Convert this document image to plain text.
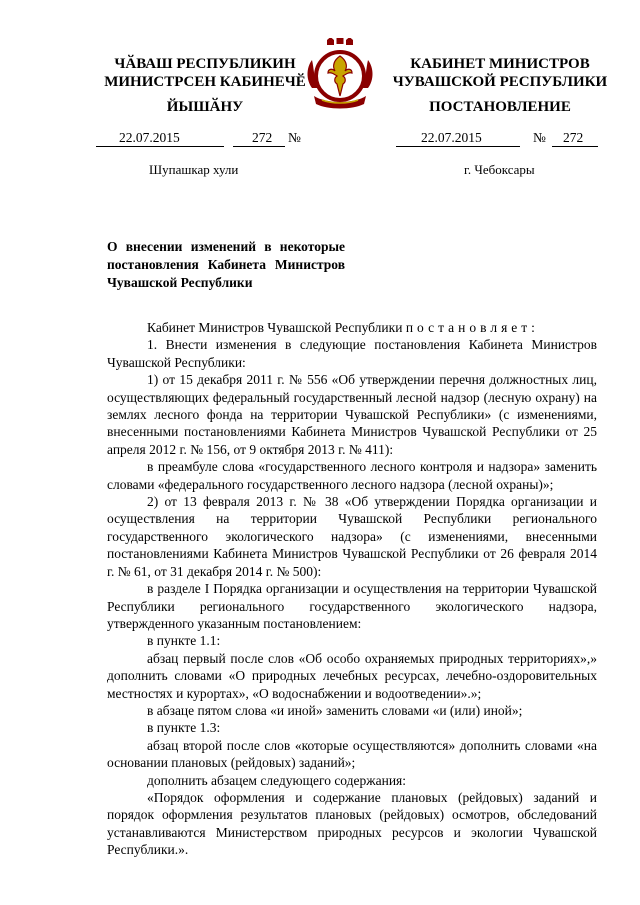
ЧӐВАШ РЕСПУБЛИКИН
МИНИСТРСЕН КАБИНЕЧӖ
ЙЫШӐНУ
КАБИНЕТ МИНИСТРОВ
ЧУВАШСКОЙ РЕСПУБЛИКИ
ПОСТАНОВЛЕНИЕ
22.07.2015	272 №	22.07.2015	№ 272
Шупашкар хули	г. Чебоксары
О внесении изменений в некоторые постановления Кабинета Министров Чувашской Республики

Кабинет Министров Чувашской Республики постановляет:

1. Внести изменения в следующие постановления Кабинета Министров Чувашской Республики:

1) от 15 декабря 2011 г. № 556 «Об утверждении перечня должностных лиц, осуществляющих федеральный государственный лесной надзор (лесную охрану) на землях лесного фонда на территории Чувашской Республики» (с изменениями, внесенными постановлениями Кабинета Министров Чувашской Республики от 25 апреля 2012 г. № 156, от 9 октября 2013 г. № 411):

в преамбуле слова «государственного лесного контроля и надзора» заменить словами «федерального государственного лесного надзора (лесной охраны)»;

2) от 13 февраля 2013 г. № 38 «Об утверждении Порядка организации и осуществления на территории Чувашской Республики регионального государственного экологического надзора» (с изменениями, внесенными постановлениями Кабинета Министров Чувашской Республики от 26 февраля 2014 г. № 61, от 31 декабря 2014 г. № 500):

в разделе I Порядка организации и осуществления на территории Чувашской Республики регионального государственного экологического надзора, утвержденного указанным постановлением:

в пункте 1.1:

абзац первый после слов «Об особо охраняемых природных территориях»,» дополнить словами «О природных лечебных ресурсах, лечебно-оздоровительных местностях и курортах», «О водоснабжении и водоотведении».»;

в абзаце пятом слова «и иной» заменить словами «и (или) иной»;

в пункте 1.3:

абзац второй после слов «которые осуществляются» дополнить словами «на основании плановых (рейдовых) заданий»;

дополнить абзацем следующего содержания:

«Порядок оформления и содержание плановых (рейдовых) заданий и порядок оформления результатов плановых (рейдовых) осмотров, обследований устанавливаются Министерством природных ресурсов и экологии Чувашской Республики.».
